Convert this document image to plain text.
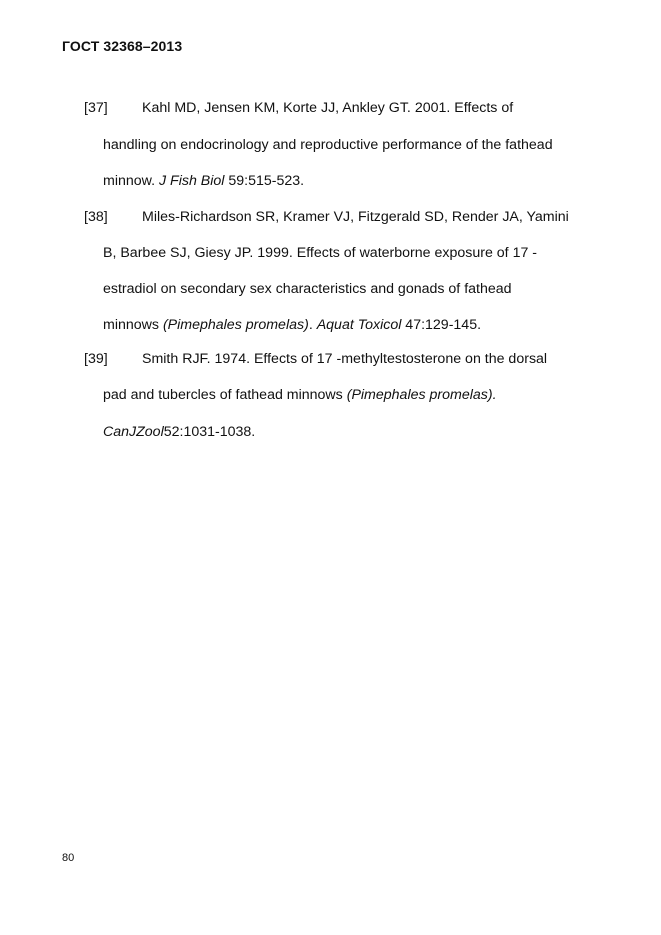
ГОСТ 32368–2013
[37] Kahl MD, Jensen KM, Korte JJ, Ankley GT. 2001. Effects of
handling on endocrinology and reproductive performance of the fathead
minnow. J Fish Biol 59:515-523.
[38] Miles-Richardson SR, Kramer VJ, Fitzgerald SD, Render JA, Yamini
B, Barbee SJ, Giesy JP. 1999. Effects of waterborne exposure of 17 -
estradiol on secondary sex characteristics and gonads of fathead
minnows (Pimephales promelas). Aquat Toxicol 47:129-145.
[39] Smith RJF. 1974. Effects of 17 -methyltestosterone on the dorsal
pad and tubercles of fathead minnows (Pimephales promelas).
CanJZool52:1031-1038.
80
